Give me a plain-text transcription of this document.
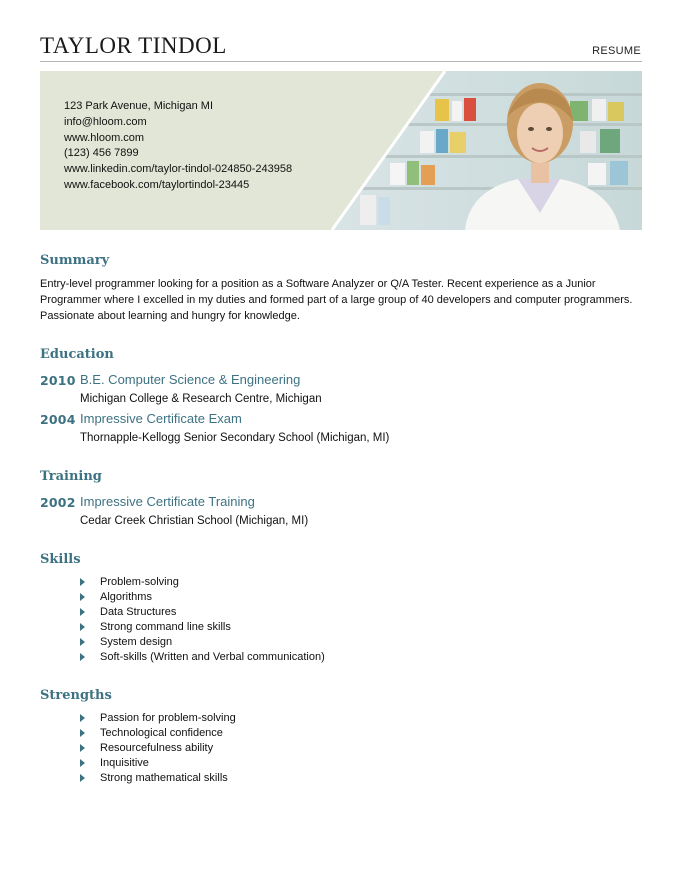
TAYLOR TINDOL	RESUME
123 Park Avenue, Michigan MI
info@hloom.com
www.hloom.com
(123) 456 7899
www.linkedin.com/taylor-tindol-024850-243958
www.facebook.com/taylortindol-23445
Summary
Entry-level programmer looking for a position as a Software Analyzer or Q/A Tester. Recent experience as a Junior Programmer where I excelled in my duties and formed part of a large group of 40 developers and computer programmers. Passionate about learning and hungry for knowledge.
Education
2010 B.E. Computer Science & Engineering
Michigan College & Research Centre, Michigan
2004 Impressive Certificate Exam
Thornapple-Kellogg Senior Secondary School (Michigan, MI)
Training
2002 Impressive Certificate Training
Cedar Creek Christian School (Michigan, MI)
Skills
Problem-solving
Algorithms
Data Structures
Strong command line skills
System design
Soft-skills (Written and Verbal communication)
Strengths
Passion for problem-solving
Technological confidence
Resourcefulness ability
Inquisitive
Strong mathematical skills
